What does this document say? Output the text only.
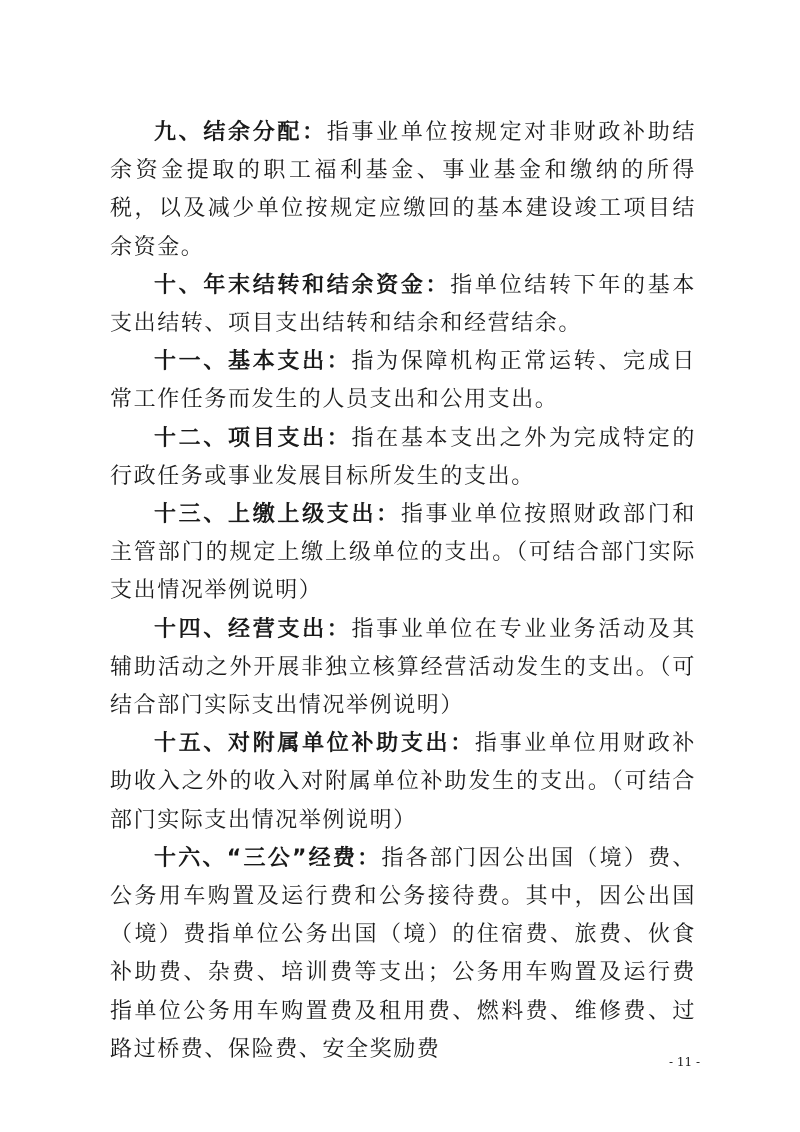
九、结余分配：指事业单位按规定对非财政补助结余资金提取的职工福利基金、事业基金和缴纳的所得税，以及减少单位按规定应缴回的基本建设竣工项目结余资金。

十、年末结转和结余资金：指单位结转下年的基本支出结转、项目支出结转和结余和经营结余。

十一、基本支出：指为保障机构正常运转、完成日常工作任务而发生的人员支出和公用支出。

十二、项目支出：指在基本支出之外为完成特定的行政任务或事业发展目标所发生的支出。

十三、上缴上级支出：指事业单位按照财政部门和主管部门的规定上缴上级单位的支出。（可结合部门实际支出情况举例说明）

十四、经营支出：指事业单位在专业业务活动及其辅助活动之外开展非独立核算经营活动发生的支出。（可结合部门实际支出情况举例说明）

十五、对附属单位补助支出：指事业单位用财政补助收入之外的收入对附属单位补助发生的支出。（可结合部门实际支出情况举例说明）

十六、“三公”经费：指各部门因公出国（境）费、公务用车购置及运行费和公务接待费。其中，因公出国（境）费指单位公务出国（境）的住宿费、旅费、伙食补助费、杂费、培训费等支出；公务用车购置及运行费指单位公务用车购置费及租用费、燃料费、维修费、过路过桥费、保险费、安全奖励费

- 11 -
